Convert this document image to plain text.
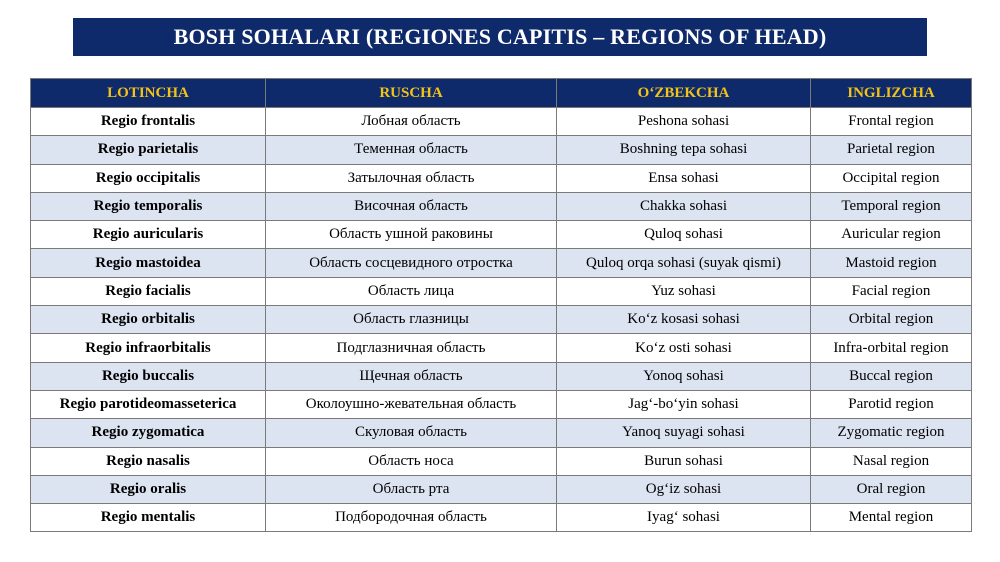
BOSH SOHALARI (REGIONES CAPITIS – REGIONS OF HEAD)
LOTINCHA	RUSCHA	O‘ZBEKCHA	INGLIZCHA
Regio frontalis	Лобная область	Peshona sohasi	Frontal region
Regio parietalis	Теменная область	Boshning tepa sohasi	Parietal region
Regio occipitalis	Затылочная область	Ensa sohasi	Occipital region
Regio temporalis	Височная область	Chakka sohasi	Temporal region
Regio auricularis	Область ушной раковины	Quloq sohasi	Auricular region
Regio mastoidea	Область сосцевидного отростка	Quloq orqa sohasi (suyak qismi)	Mastoid region
Regio facialis	Область лица	Yuz sohasi	Facial region
Regio orbitalis	Область глазницы	Ko‘z kosasi sohasi	Orbital region
Regio infraorbitalis	Подглазничная область	Ko‘z osti sohasi	Infra-orbital region
Regio buccalis	Щечная область	Yonoq sohasi	Buccal region
Regio parotideomasseterica	Околоушно-жевательная область	Jag‘-bo‘yin sohasi	Parotid region
Regio zygomatica	Скуловая область	Yanoq suyagi sohasi	Zygomatic region
Regio nasalis	Область носа	Burun sohasi	Nasal region
Regio oralis	Область рта	Og‘iz sohasi	Oral region
Regio mentalis	Подбородочная область	Iyag‘ sohasi	Mental region
